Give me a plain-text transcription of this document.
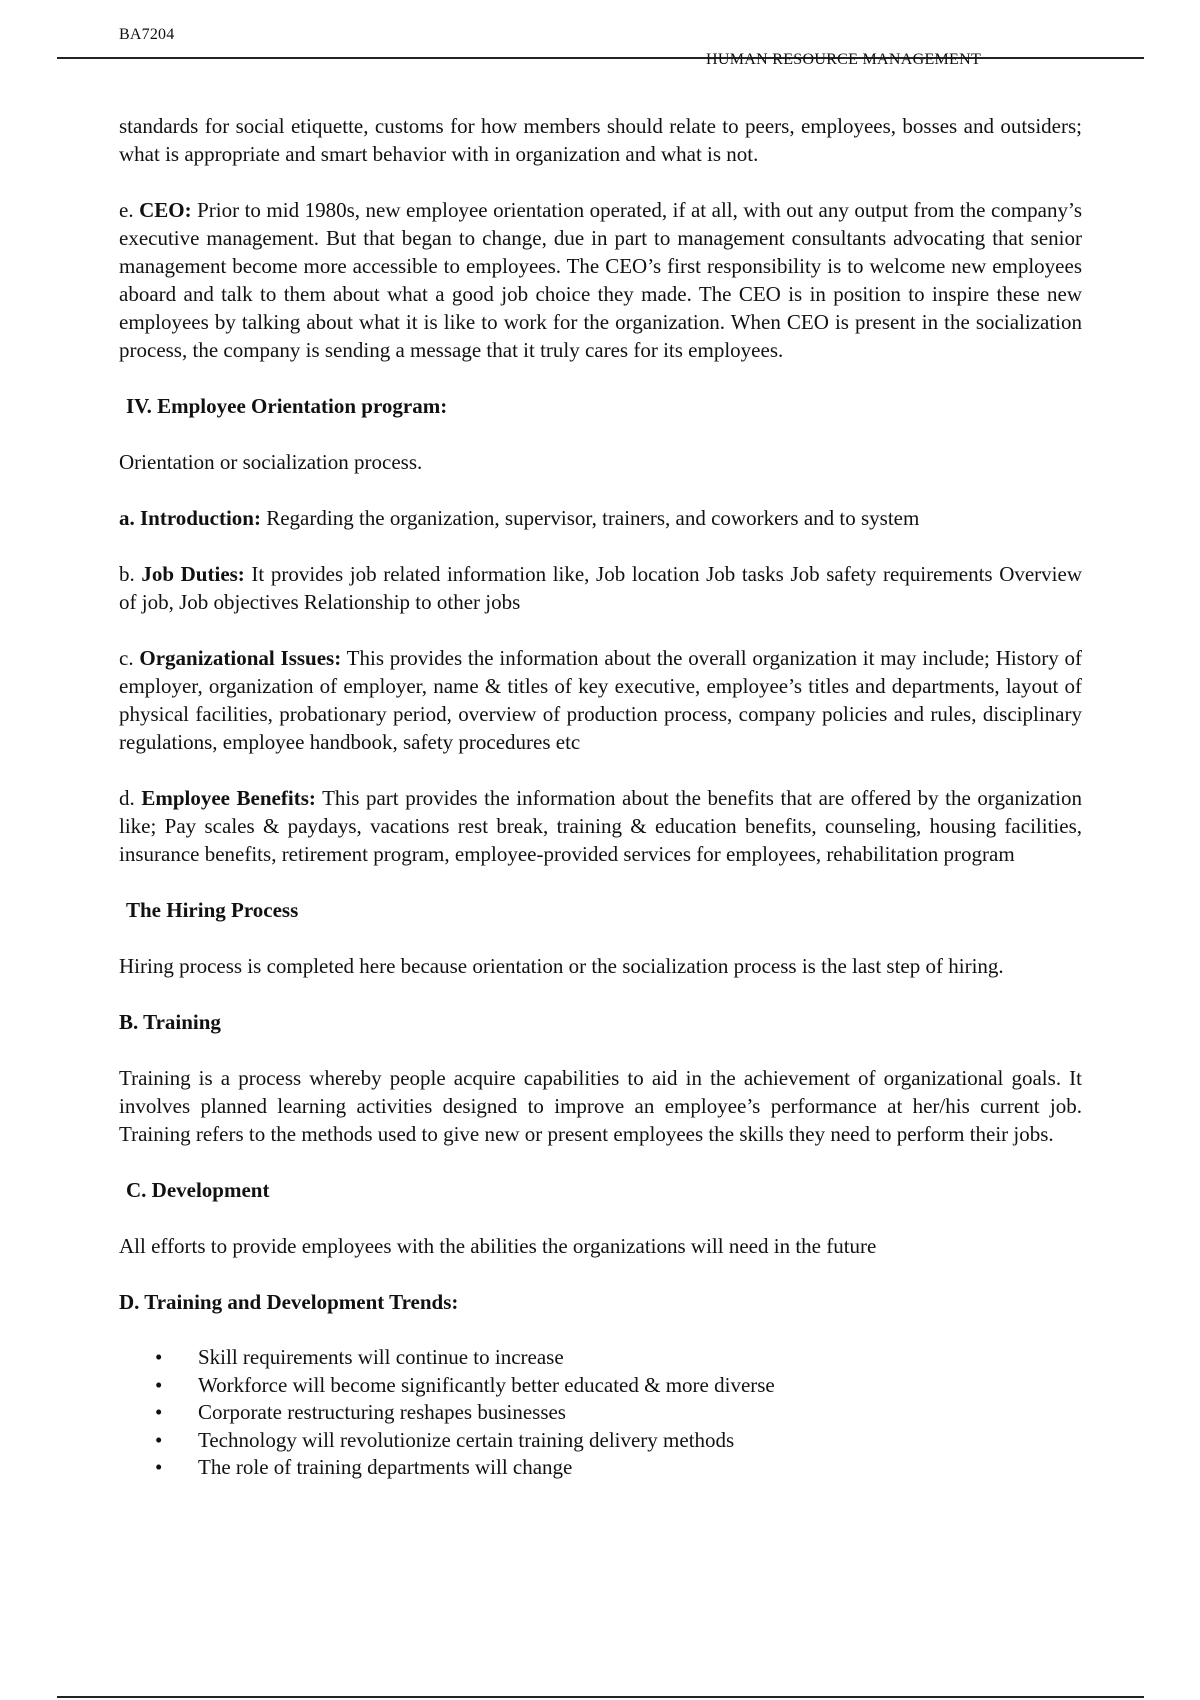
BA7204
HUMAN RESOURCE MANAGEMENT

standards for social etiquette, customs for how members should relate to peers, employees, bosses and outsiders; what is appropriate and smart behavior with in organization and what is not.

e. CEO: Prior to mid 1980s, new employee orientation operated, if at all, with out any output from the company’s executive management. But that began to change, due in part to management consultants advocating that senior management become more accessible to employees. The CEO’s first responsibility is to welcome new employees aboard and talk to them about what a good job choice they made. The CEO is in position to inspire these new employees by talking about what it is like to work for the organization. When CEO is present in the socialization process, the company is sending a message that it truly cares for its employees.

IV. Employee Orientation program:

Orientation or socialization process.

a. Introduction: Regarding the organization, supervisor, trainers, and coworkers and to system

b. Job Duties: It provides job related information like, Job location Job tasks Job safety requirements Overview of job, Job objectives Relationship to other jobs

c. Organizational Issues: This provides the information about the overall organization it may include; History of employer, organization of employer, name & titles of key executive, employee’s titles and departments, layout of physical facilities, probationary period, overview of production process, company policies and rules, disciplinary regulations, employee handbook, safety procedures etc

d. Employee Benefits: This part provides the information about the benefits that are offered by the organization like; Pay scales & paydays, vacations rest break, training & education benefits, counseling, housing facilities, insurance benefits, retirement program, employee-provided services for employees, rehabilitation program

The Hiring Process

Hiring process is completed here because orientation or the socialization process is the last step of hiring.

B. Training

Training is a process whereby people acquire capabilities to aid in the achievement of organizational goals. It involves planned learning activities designed to improve an employee’s performance at her/his current job. Training refers to the methods used to give new or present employees the skills they need to perform their jobs.

C. Development

All efforts to provide employees with the abilities the organizations will need in the future

D. Training and Development Trends:

• Skill requirements will continue to increase
• Workforce will become significantly better educated & more diverse
• Corporate restructuring reshapes businesses
• Technology will revolutionize certain training delivery methods
• The role of training departments will change
